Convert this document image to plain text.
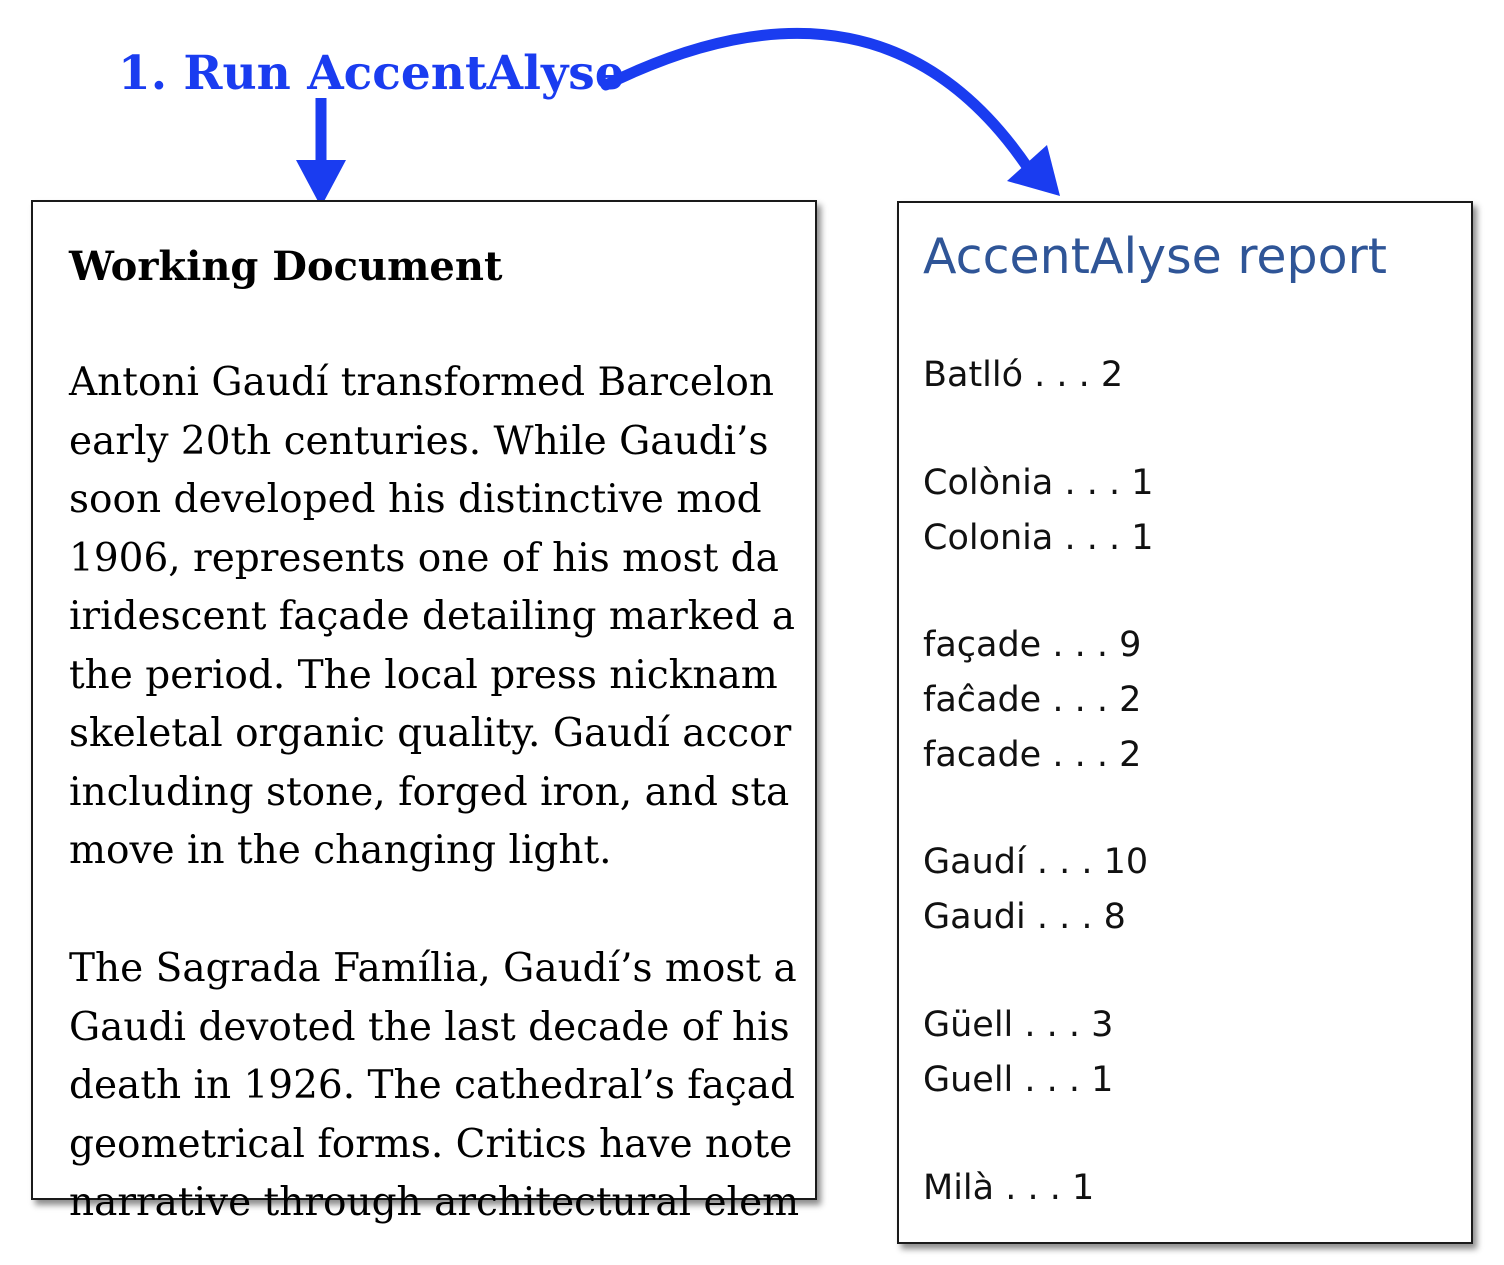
1. Run AccentAlyse
Working Document
Antoni Gaudí transformed Barcelon
early 20th centuries. While Gaudi’s
soon developed his distinctive mod
1906, represents one of his most da
iridescent façade detailing marked a
the period. The local press nicknam
skeletal organic quality. Gaudí accor
including stone, forged iron, and sta
move in the changing light.
The Sagrada Família, Gaudí’s most a
Gaudi devoted the last decade of his
death in 1926. The cathedral’s façad
geometrical forms. Critics have note
narrative through architectural elem
AccentAlyse report
Batlló . . . 2
Colònia . . . 1
Colonia . . . 1
façade . . . 9
faĉade . . . 2
facade . . . 2
Gaudí . . . 10
Gaudi . . . 8
Güell . . . 3
Guell . . . 1
Milà . . . 1
